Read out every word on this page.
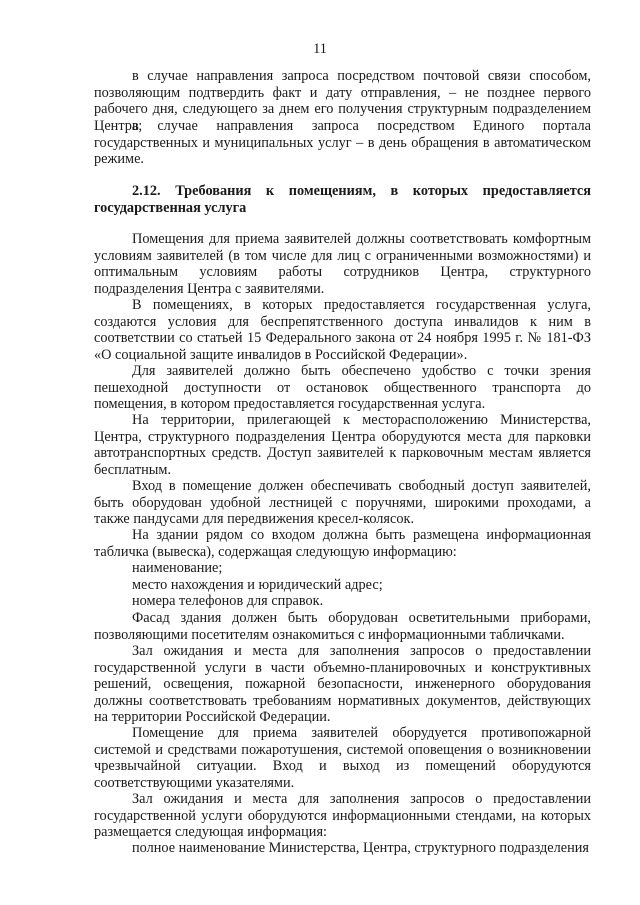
11

в случае направления запроса посредством почтовой связи способом, позволяющим подтвердить факт и дату отправления, – не позднее первого рабочего дня, следующего за днем его получения структурным подразделением Центра;

в случае направления запроса посредством Единого портала государственных и муниципальных услуг – в день обращения в автоматическом режиме.

2.12. Требования к помещениям, в которых предоставляется государственная услуга

Помещения для приема заявителей должны соответствовать комфортным условиям заявителей (в том числе для лиц с ограниченными возможностями) и оптимальным условиям работы сотрудников Центра, структурного подразделения Центра с заявителями.

В помещениях, в которых предоставляется государственная услуга, создаются условия для беспрепятственного доступа инвалидов к ним в соответствии со статьей 15 Федерального закона от 24 ноября 1995 г. № 181-ФЗ «О социальной защите инвалидов в Российской Федерации».

Для заявителей должно быть обеспечено удобство с точки зрения пешеходной доступности от остановок общественного транспорта до помещения, в котором предоставляется государственная услуга.

На территории, прилегающей к месторасположению Министерства, Центра, структурного подразделения Центра оборудуются места для парковки автотранспортных средств. Доступ заявителей к парковочным местам является бесплатным.

Вход в помещение должен обеспечивать свободный доступ заявителей, быть оборудован удобной лестницей с поручнями, широкими проходами, а также пандусами для передвижения кресел-колясок.

На здании рядом со входом должна быть размещена информационная табличка (вывеска), содержащая следующую информацию:

наименование;

место нахождения и юридический адрес;

номера телефонов для справок.

Фасад здания должен быть оборудован осветительными приборами, позволяющими посетителям ознакомиться с информационными табличками.

Зал ожидания и места для заполнения запросов о предоставлении государственной услуги в части объемно-планировочных и конструктивных решений, освещения, пожарной безопасности, инженерного оборудования должны соответствовать требованиям нормативных документов, действующих на территории Российской Федерации.

Помещение для приема заявителей оборудуется противопожарной системой и средствами пожаротушения, системой оповещения о возникновении чрезвычайной ситуации. Вход и выход из помещений оборудуются соответствующими указателями.

Зал ожидания и места для заполнения запросов о предоставлении государственной услуги оборудуются информационными стендами, на которых размещается следующая информация:

полное наименование Министерства, Центра, структурного подразделения
